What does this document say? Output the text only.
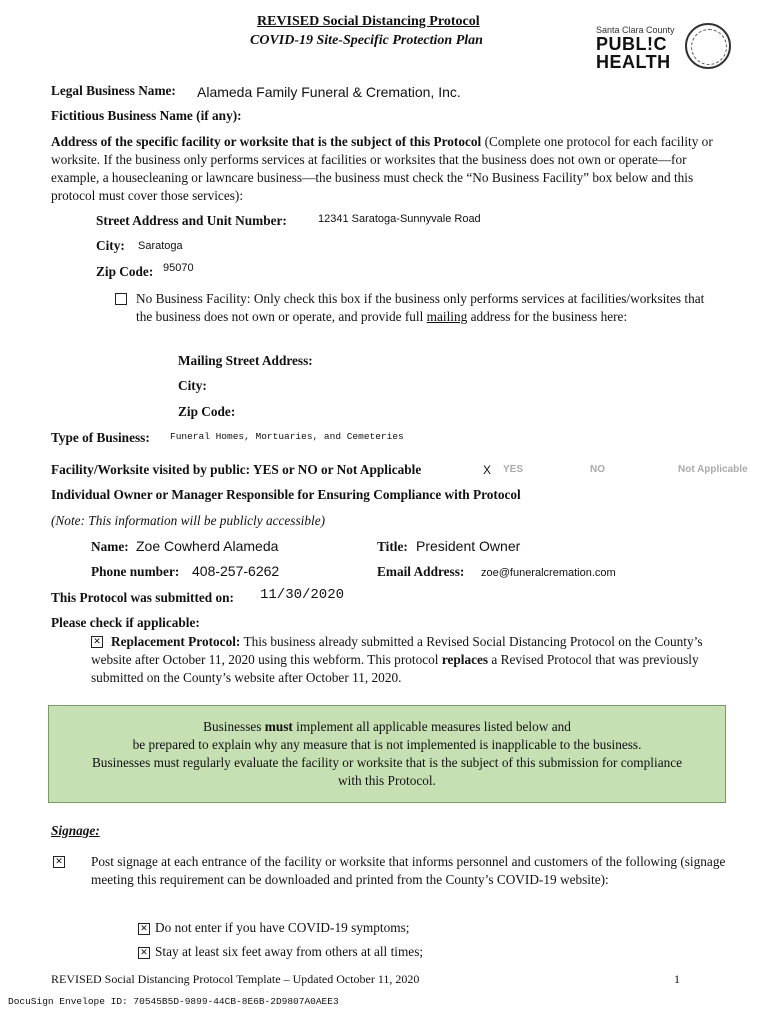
REVISED Social Distancing Protocol
COVID-19 Site-Specific Protection Plan
Santa Clara County
PUBL!C
HEALTH
Legal Business Name: Alameda Family Funeral & Cremation, Inc.
Fictitious Business Name (if any):
Address of the specific facility or worksite that is the subject of this Protocol (Complete one protocol for each facility or worksite. If the business only performs services at facilities or worksites that the business does not own or operate—for example, a housecleaning or lawncare business—the business must check the “No Business Facility” box below and this protocol must cover those services):
Street Address and Unit Number:	12341 Saratoga-Sunnyvale Road
City: Saratoga
Zip Code: 95070
No Business Facility: Only check this box if the business only performs services at facilities/worksites that the business does not own or operate, and provide full mailing address for the business here:
Mailing Street Address:
City:
Zip Code:
Type of Business: Funeral Homes, Mortuaries, and Cemeteries
Facility/Worksite visited by public: YES or NO or Not Applicable	X YES	NO	Not Applicable
Individual Owner or Manager Responsible for Ensuring Compliance with Protocol
(Note: This information will be publicly accessible)
Name: Zoe Cowherd Alameda	Title: President Owner
Phone number: 408-257-6262	Email Address: zoe@funeralcremation.com
This Protocol was submitted on: 11/30/2020
Please check if applicable:
✕
Replacement Protocol: This business already submitted a Revised Social Distancing Protocol on the County’s website after October 11, 2020 using this webform. This protocol replaces a Revised Protocol that was previously submitted on the County’s website after October 11, 2020.
Businesses must implement all applicable measures listed below and
be prepared to explain why any measure that is not implemented is inapplicable to the business.
Businesses must regularly evaluate the facility or worksite that is the subject of this submission for compliance
with this Protocol.
Signage:
✕
Post signage at each entrance of the facility or worksite that informs personnel and customers of the following (signage meeting this requirement can be downloaded and printed from the County’s COVID-19 website):
✕
Do not enter if you have COVID-19 symptoms;
✕
Stay at least six feet away from others at all times;
REVISED Social Distancing Protocol Template – Updated October 11, 2020	1
DocuSign Envelope ID: 70545B5D-9899-44CB-8E6B-2D9807A0AEE3
